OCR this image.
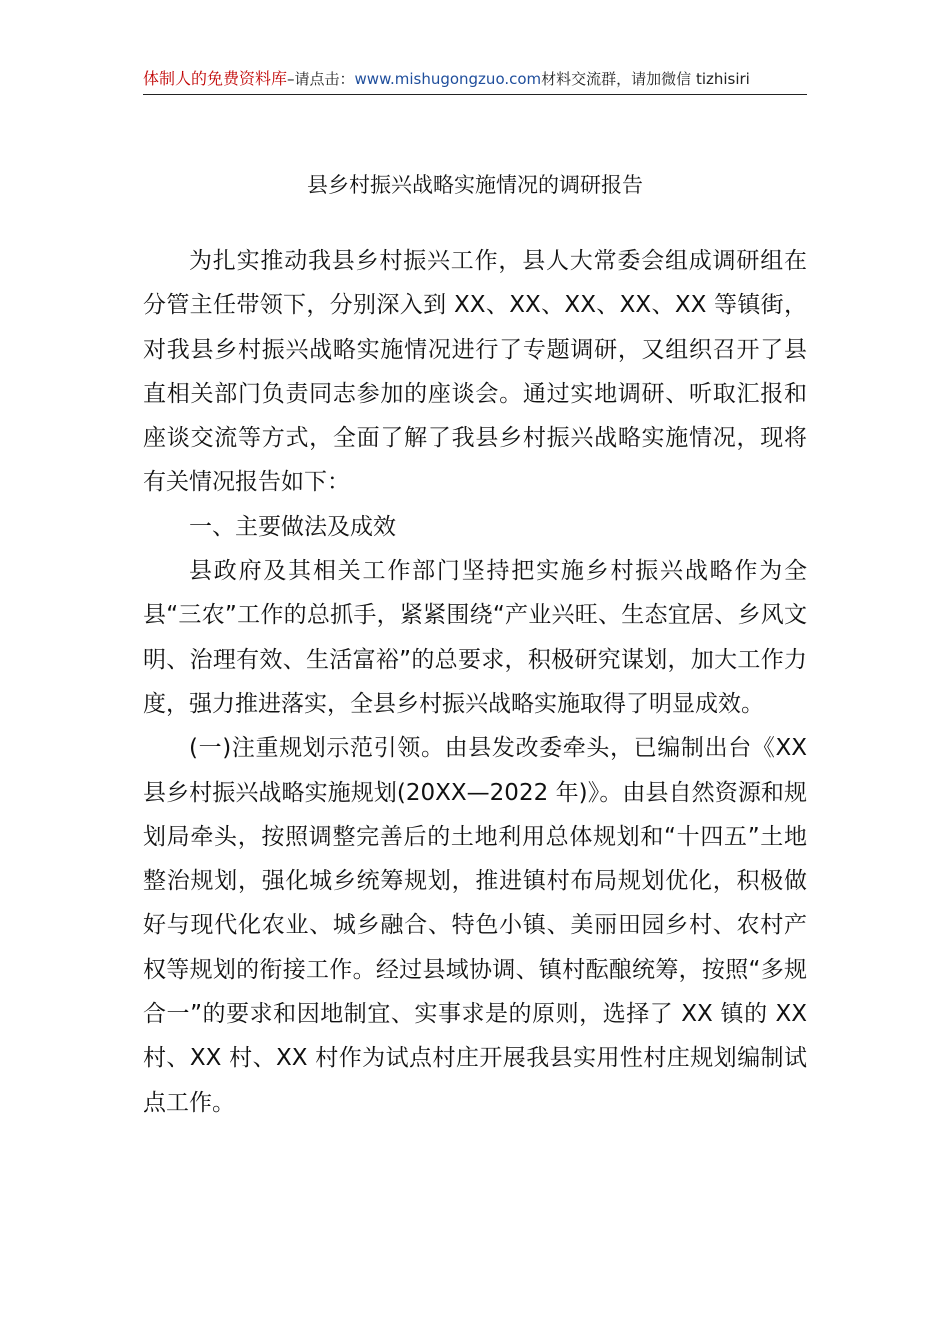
体制人的免费资料库–请点击：www.mishugongzuo.com材料交流群，请加微信 tizhisiri
县乡村振兴战略实施情况的调研报告

为扎实推动我县乡村振兴工作，县人大常委会组成调研组在分管主任带领下，分别深入到 XX、XX、XX、XX、XX 等镇街，对我县乡村振兴战略实施情况进行了专题调研，又组织召开了县直相关部门负责同志参加的座谈会。通过实地调研、听取汇报和座谈交流等方式，全面了解了我县乡村振兴战略实施情况，现将有关情况报告如下：

一、主要做法及成效

县政府及其相关工作部门坚持把实施乡村振兴战略作为全县“三农”工作的总抓手，紧紧围绕“产业兴旺、生态宜居、乡风文明、治理有效、生活富裕”的总要求，积极研究谋划，加大工作力度，强力推进落实，全县乡村振兴战略实施取得了明显成效。

(一)注重规划示范引领。由县发改委牵头，已编制出台《XX 县乡村振兴战略实施规划(20XX—2022 年)》。由县自然资源和规划局牵头，按照调整完善后的土地利用总体规划和“十四五”土地整治规划，强化城乡统筹规划，推进镇村布局规划优化，积极做好与现代化农业、城乡融合、特色小镇、美丽田园乡村、农村产权等规划的衔接工作。经过县域协调、镇村酝酿统筹，按照“多规合一”的要求和因地制宜、实事求是的原则，选择了 XX 镇的 XX 村、XX 村、XX 村作为试点村庄开展我县实用性村庄规划编制试点工作。
